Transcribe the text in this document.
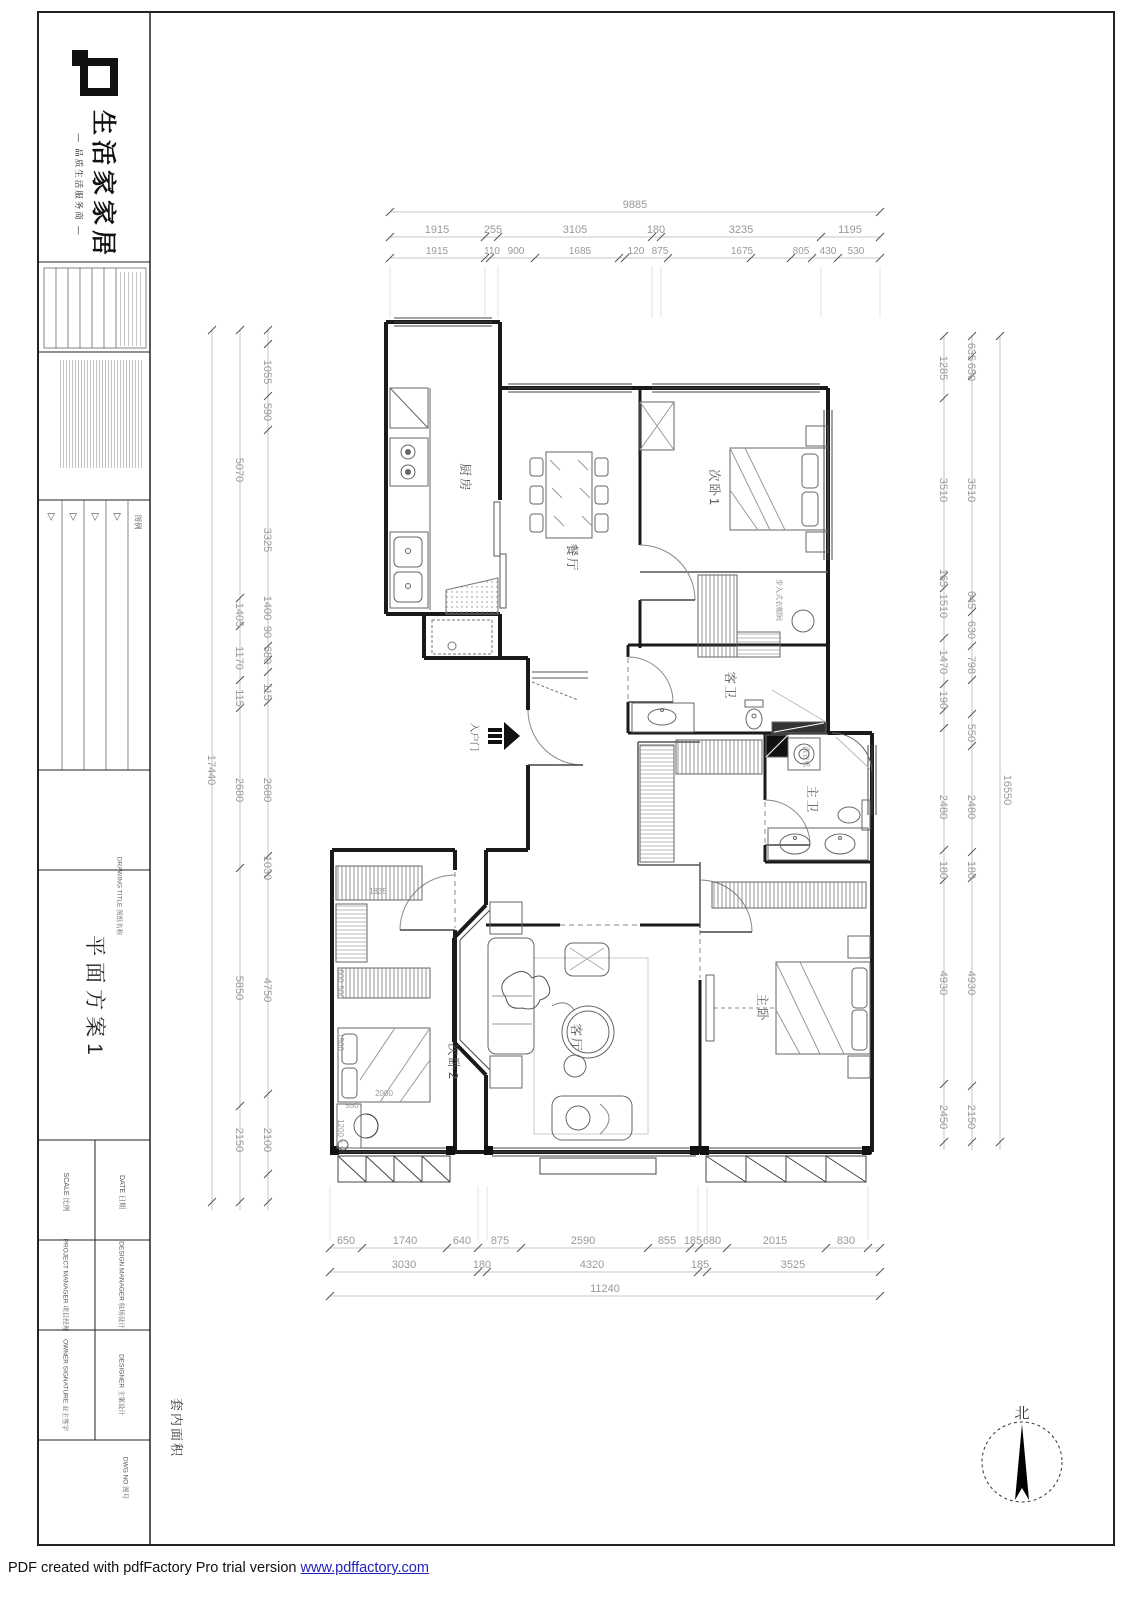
9885
1915	255	3105	180	3235	1195
1915	110 900	1685	120 875	1675	805 430 530
650	1740	640 875	2590	855 185 680	2015	830
3030	180	4320	185	3525
11240
17440
5070
1405
1170
115
2680
5850
2150
1055
590
3325
1400
90
680
115
2680
1030
4750
2100
16550
1285
3510
165
1510
1470
190
2480
180
4930
2450
635
650
3510
645
630
798
550
2480
180
4930
2150
厨房
餐厅
次卧1
客卫
主卫
次卧2
客厅
主卧
入户门
洗衣机
步入式衣帽间
1835
600
500
1500
550
1200
2000
北
套内面积
生活家家居
— 品质生活服务商 —
▷ ▷ ▷ ▷ 图例
DRAWING TITLE 图纸名称
平面方案1
SCALE 比例	DATE 日期
PROJECT MANAGER 项目经理	DESIGN MANAGER 驻场设计
OWNER SIGNATURE 业主签字	DESIGNER 主案设计
DWG NO 图号
PDF created with pdfFactory Pro trial version www.pdffactory.com
